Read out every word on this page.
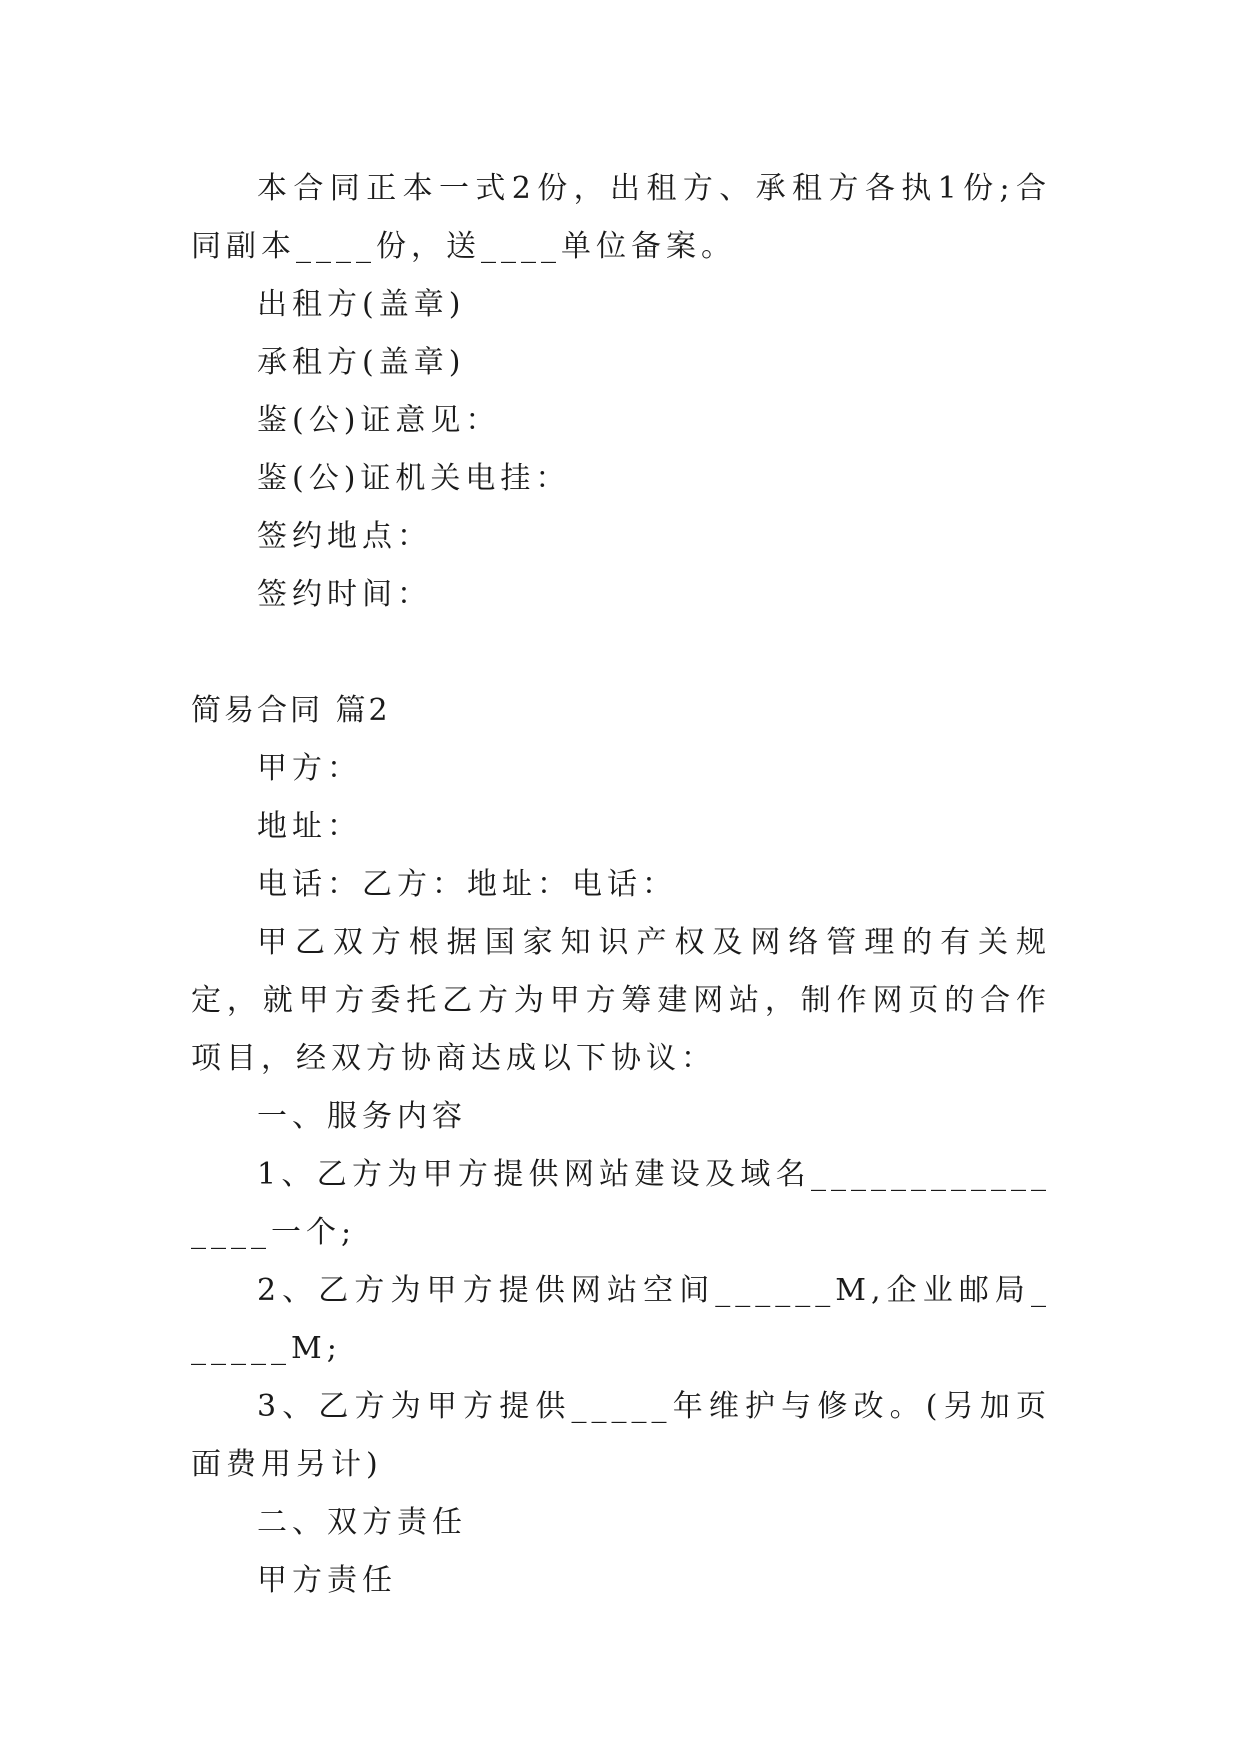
本合同正本一式2份，出租方、承租方各执1份;合同副本____份，送____单位备案。

出租方(盖章)

承租方(盖章)

鉴(公)证意见：

鉴(公)证机关电挂：

签约地点：

签约时间：

简易合同 篇2

甲方：

地址：

电话：乙方：地址：电话：

甲乙双方根据国家知识产权及网络管理的有关规定，就甲方委托乙方为甲方筹建网站，制作网页的合作项目，经双方协商达成以下协议：

一、服务内容

1、乙方为甲方提供网站建设及域名________________一个;

2、乙方为甲方提供网站空间______M,企业邮局______M;

3、乙方为甲方提供_____年维护与修改。(另加页面费用另计)

二、双方责任

甲方责任
